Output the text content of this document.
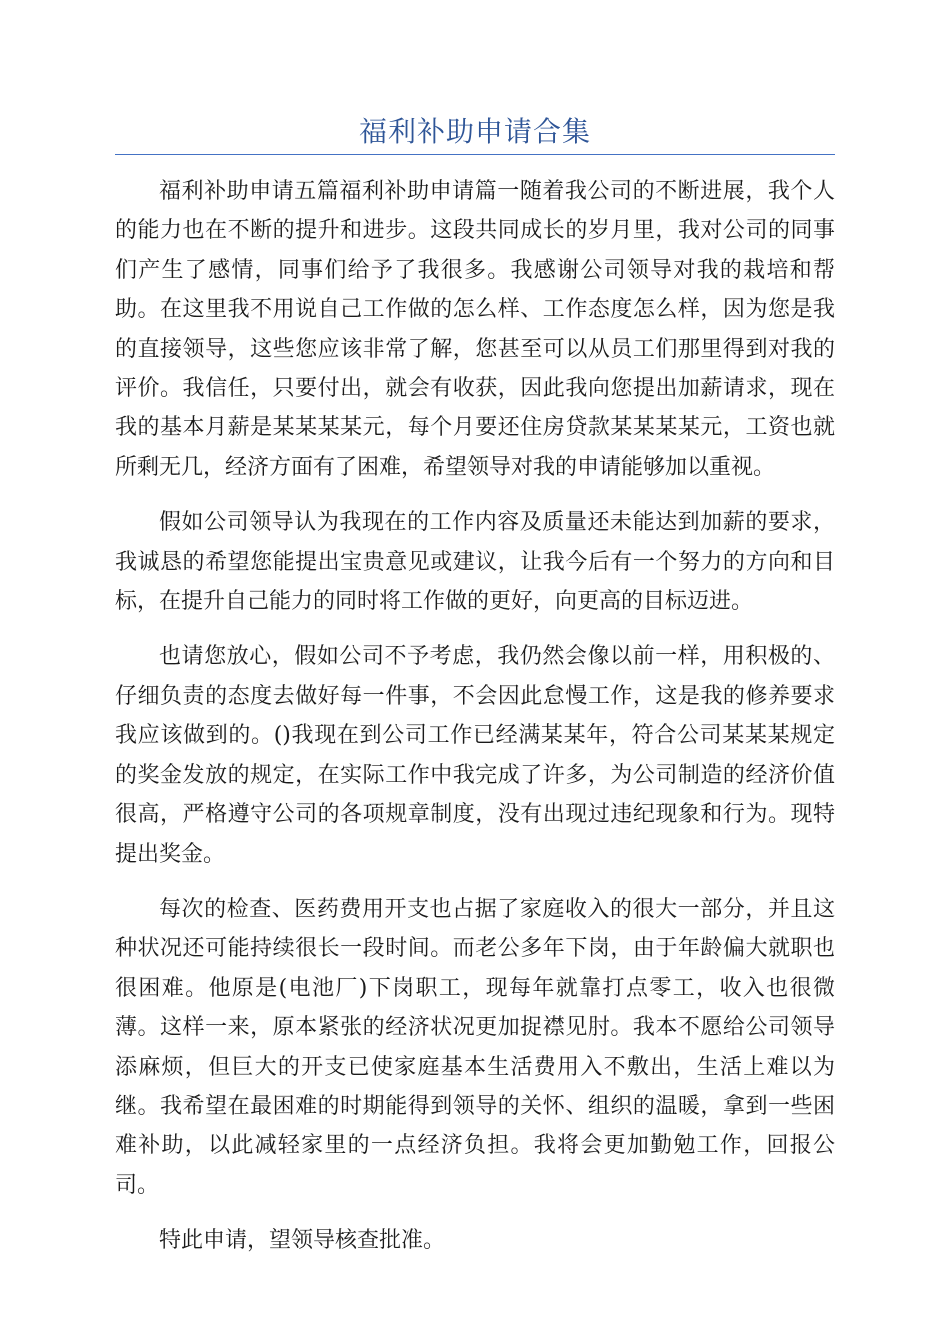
福利补助申请合集

福利补助申请五篇福利补助申请篇一随着我公司的不断进展，我个人的能力也在不断的提升和进步。这段共同成长的岁月里，我对公司的同事们产生了感情，同事们给予了我很多。我感谢公司领导对我的栽培和帮助。在这里我不用说自己工作做的怎么样、工作态度怎么样，因为您是我的直接领导，这些您应该非常了解，您甚至可以从员工们那里得到对我的评价。我信任，只要付出，就会有收获，因此我向您提出加薪请求，现在我的基本月薪是某某某某元，每个月要还住房贷款某某某某元，工资也就所剩无几，经济方面有了困难，希望领导对我的申请能够加以重视。

假如公司领导认为我现在的工作内容及质量还未能达到加薪的要求，我诚恳的希望您能提出宝贵意见或建议，让我今后有一个努力的方向和目标，在提升自己能力的同时将工作做的更好，向更高的目标迈进。

也请您放心，假如公司不予考虑，我仍然会像以前一样，用积极的、仔细负责的态度去做好每一件事，不会因此怠慢工作，这是我的修养要求我应该做到的。()我现在到公司工作已经满某某年，符合公司某某某规定的奖金发放的规定，在实际工作中我完成了许多，为公司制造的经济价值很高，严格遵守公司的各项规章制度，没有出现过违纪现象和行为。现特提出奖金。

每次的检查、医药费用开支也占据了家庭收入的很大一部分，并且这种状况还可能持续很长一段时间。而老公多年下岗，由于年龄偏大就职也很困难。他原是(电池厂)下岗职工，现每年就靠打点零工，收入也很微薄。这样一来，原本紧张的经济状况更加捉襟见肘。我本不愿给公司领导添麻烦，但巨大的开支已使家庭基本生活费用入不敷出，生活上难以为继。我希望在最困难的时期能得到领导的关怀、组织的温暖，拿到一些困难补助，以此减轻家里的一点经济负担。我将会更加勤勉工作，回报公司。

特此申请，望领导核查批准。
